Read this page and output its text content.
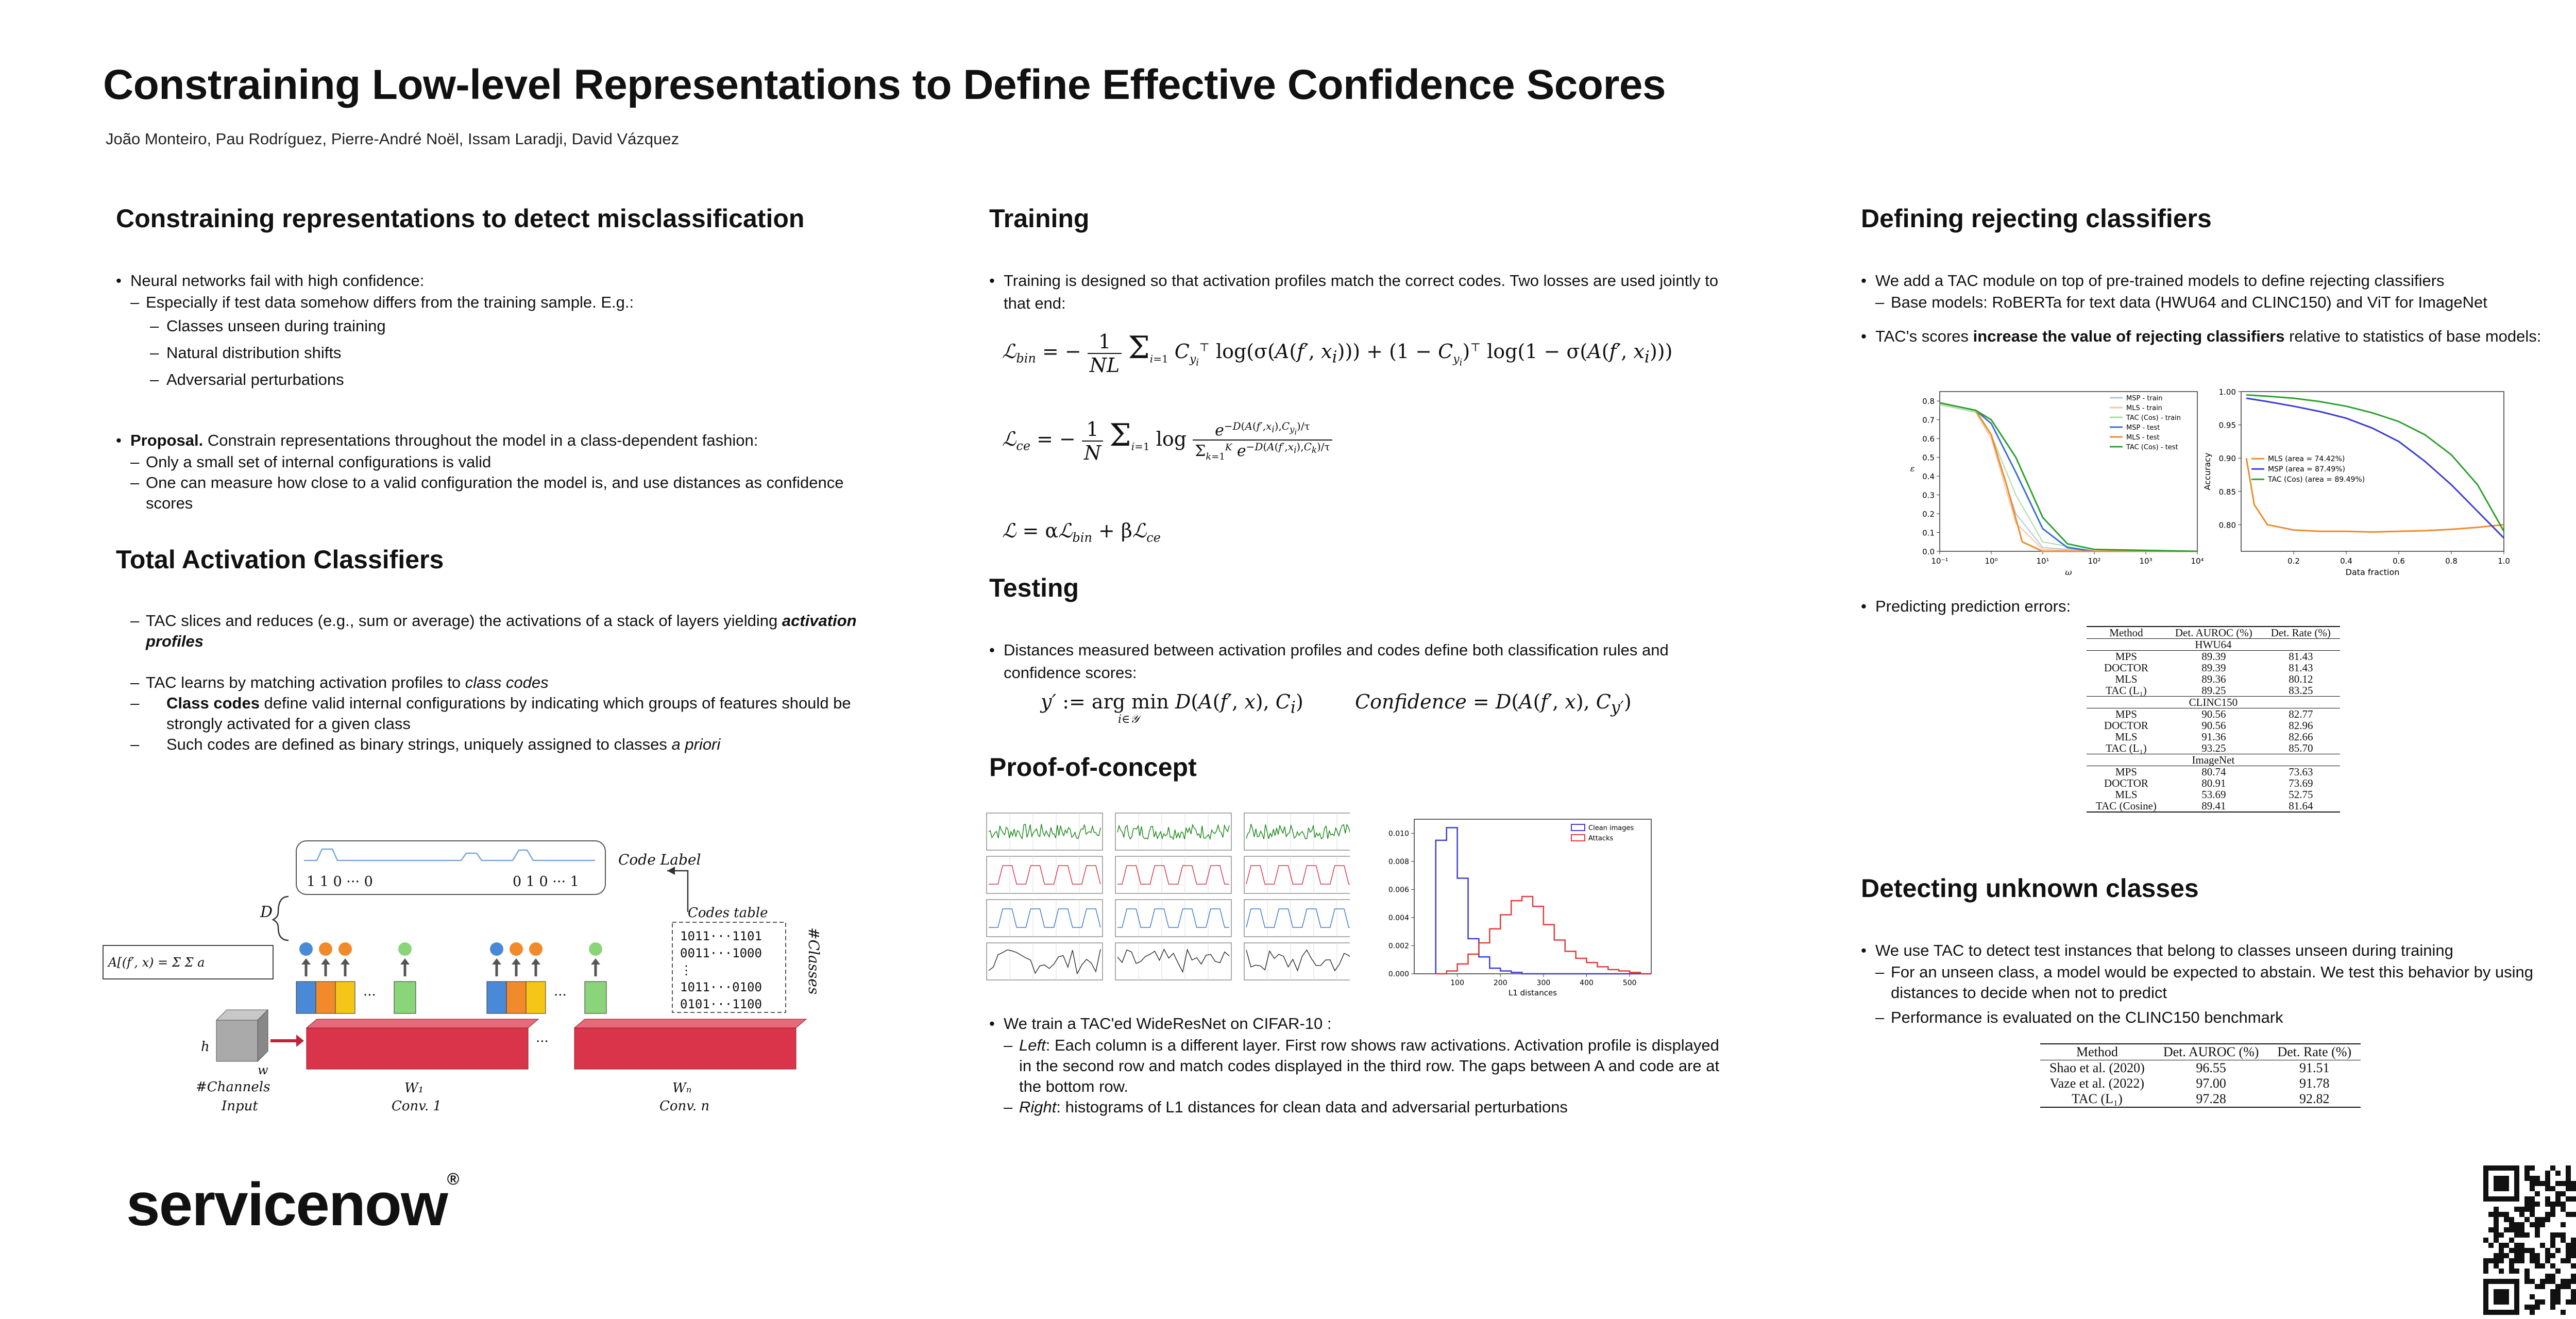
Constraining Low-level Representations to Define Effective Confidence Scores
João Monteiro, Pau Rodríguez, Pierre-André Noël, Issam Laradji, David Vázquez
Constraining representations to detect misclassification

• Neural networks fail with high confidence:

– Especially if test data somehow differs from the training sample. E.g.:

– Classes unseen during training

– Natural distribution shifts

– Adversarial perturbations

• Proposal. Constrain representations throughout the model in a class-dependent fashion:

– Only a small set of internal configurations is valid

– One can measure how close to a valid configuration the model is, and use distances as confidence scores

Total Activation Classifiers

– TAC slices and reduces (e.g., sum or average) the activations of a stack of layers yielding activation profiles

– TAC learns by matching activation profiles to class codes

– Class codes define valid internal configurations by indicating which groups of features should be strongly activated for a given class

– Such codes are defined as binary strings, uniquely assigned to classes a priori

1 1 0 ··· 0	0 1 0 ··· 1
Code Label
D	Codes table
1011···1101
0011···1000
⋮
1011···0100
0101···1100
#Classes
A[(f′, x) = Σ Σ a
···	···
h
w
#Channels
Input
W₁
Conv. 1
···
Wₙ
Conv. n
Training

• Training is designed so that activation profiles match the correct codes. Two losses are used jointly to that end:

ℒ$_{bin}$ = − $\frac{1}{NL} \Sigma_{i=1}$ $C_{y_i}^⊤$ log(σ(A(f′, $x_i))) + (1 - C_{y_i})^⊤$ log(1 − σ(A(f′, $x_i$)))
ℒ$_{ce}$ = − $\frac{1}{N} \Sigma_{i=1}$ $\log \frac{e^{-D(A(f',x_i),C_{y_i})/\tau}}{\Sigma_{k=1}^K e^{-D(A(f',x_i),C_k)/\tau}}$
ℒ = αℒ$_{bin}$ + βℒ$_{ce}$
Testing

• Distances measured between activation profiles and codes define both classification rules and confidence scores:

y′ := arg min D(A(f′, x), $C_i$)
i∈𝒴
Confidence = D(A(f′, x), $C_{y'}$)
Proof-of-concept
0.000
0.002
0.004
0.006
0.008
0.010
100	200	300	400	500
L1 distances
Clean images
Attacks

• We train a TAC'ed WideResNet on CIFAR-10 :

– Left: Each column is a different layer. First row shows raw activations. Activation profile is displayed in the second row and match codes displayed in the third row. The gaps between A and code are at the bottom row.

– Right: histograms of L1 distances for clean data and adversarial perturbations

Defining rejecting classifiers

• We add a TAC module on top of pre-trained models to define rejecting classifiers

– Base models: RoBERTa for text data (HWU64 and CLINC150) and ViT for ImageNet

• TAC's scores increase the value of rejecting classifiers relative to statistics of base models:

0.0
0.1
0.2
0.3
0.4
0.5
0.6
0.7
0.8
10⁻¹	10⁰	10¹	10²	10³	10⁴
ω
ε
MSP - train
MLS - train
TAC (Cos) - train
MSP - test
MLS - test
TAC (Cos) - test
0.80
0.85
0.90
0.95
1.00
0.2	0.4	0.6	0.8	1.0
Data fraction
Accuracy	MLS (area = 74.42%)
MSP (area = 87.49%)
TAC (Cos) (area = 89.49%)

• Predicting prediction errors:

Method	Det. AUROC (%)	Det. Rate (%)
HWU64		
MPS	89.39	81.43
DOCTOR	89.39	81.43
MLS	89.36	80.12
TAC (L₁)	89.25	83.25
CLINC150		
MPS	90.56	82.77
DOCTOR	90.56	82.96
MLS	91.36	82.66
TAC (L₁)	93.25	85.70
ImageNet		
MPS	80.74	73.63
DOCTOR	80.91	73.69
MLS	53.69	52.75
TAC (Cosine)	89.41	81.64
Detecting unknown classes

• We use TAC to detect test instances that belong to classes unseen during training

– For an unseen class, a model would be expected to abstain. We test this behavior by using distances to decide when not to predict

– Performance is evaluated on the CLINC150 benchmark

Method	Det. AUROC (%)	Det. Rate (%)
Shao et al. (2020)	96.55	91.51
Vaze et al. (2022)	97.00	91.78
TAC (L₁)	97.28	92.82
servicenow®
